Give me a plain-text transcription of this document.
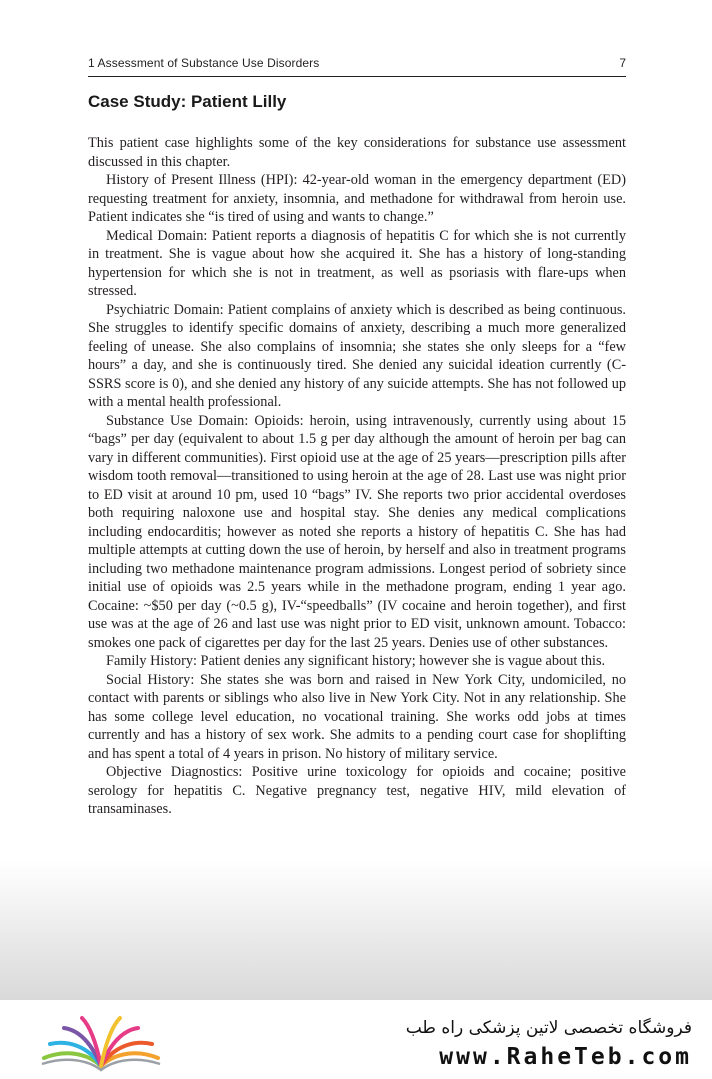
1 Assessment of Substance Use Disorders	7
Case Study: Patient Lilly

This patient case highlights some of the key considerations for substance use assessment discussed in this chapter.

History of Present Illness (HPI): 42-year-old woman in the emergency department (ED) requesting treatment for anxiety, insomnia, and methadone for withdrawal from heroin use. Patient indicates she “is tired of using and wants to change.”

Medical Domain: Patient reports a diagnosis of hepatitis C for which she is not currently in treatment. She is vague about how she acquired it. She has a history of long-standing hypertension for which she is not in treatment, as well as psoriasis with flare-ups when stressed.

Psychiatric Domain: Patient complains of anxiety which is described as being continuous. She struggles to identify specific domains of anxiety, describing a much more generalized feeling of unease. She also complains of insomnia; she states she only sleeps for a “few hours” a day, and she is continuously tired. She denied any suicidal ideation currently (C-SSRS score is 0), and she denied any history of any suicide attempts. She has not followed up with a mental health professional.

Substance Use Domain: Opioids: heroin, using intravenously, currently using about 15 “bags” per day (equivalent to about 1.5 g per day although the amount of heroin per bag can vary in different communities). First opioid use at the age of 25 years—prescription pills after wisdom tooth removal—transitioned to using heroin at the age of 28. Last use was night prior to ED visit at around 10 pm, used 10 “bags” IV. She reports two prior accidental overdoses both requiring naloxone use and hospital stay. She denies any medical complications including endocarditis; however as noted she reports a history of hepatitis C. She has had multiple attempts at cutting down the use of heroin, by herself and also in treatment programs including two methadone maintenance program admissions. Longest period of sobriety since initial use of opioids was 2.5 years while in the methadone program, ending 1 year ago. Cocaine: ~$50 per day (~0.5 g), IV-“speedballs” (IV cocaine and heroin together), and first use was at the age of 26 and last use was night prior to ED visit, unknown amount. Tobacco: smokes one pack of cigarettes per day for the last 25 years. Denies use of other substances.

Family History: Patient denies any significant history; however she is vague about this.

Social History: She states she was born and raised in New York City, undomiciled, no contact with parents or siblings who also live in New York City. Not in any relationship. She has some college level education, no vocational training. She works odd jobs at times currently and has a history of sex work. She admits to a pending court case for shoplifting and has spent a total of 4 years in prison. No history of military service.

Objective Diagnostics: Positive urine toxicology for opioids and cocaine; positive serology for hepatitis C. Negative pregnancy test, negative HIV, mild elevation of transaminases.

فروشگاه تخصصی لاتین پزشکی راه طب
www.RaheTeb.com
